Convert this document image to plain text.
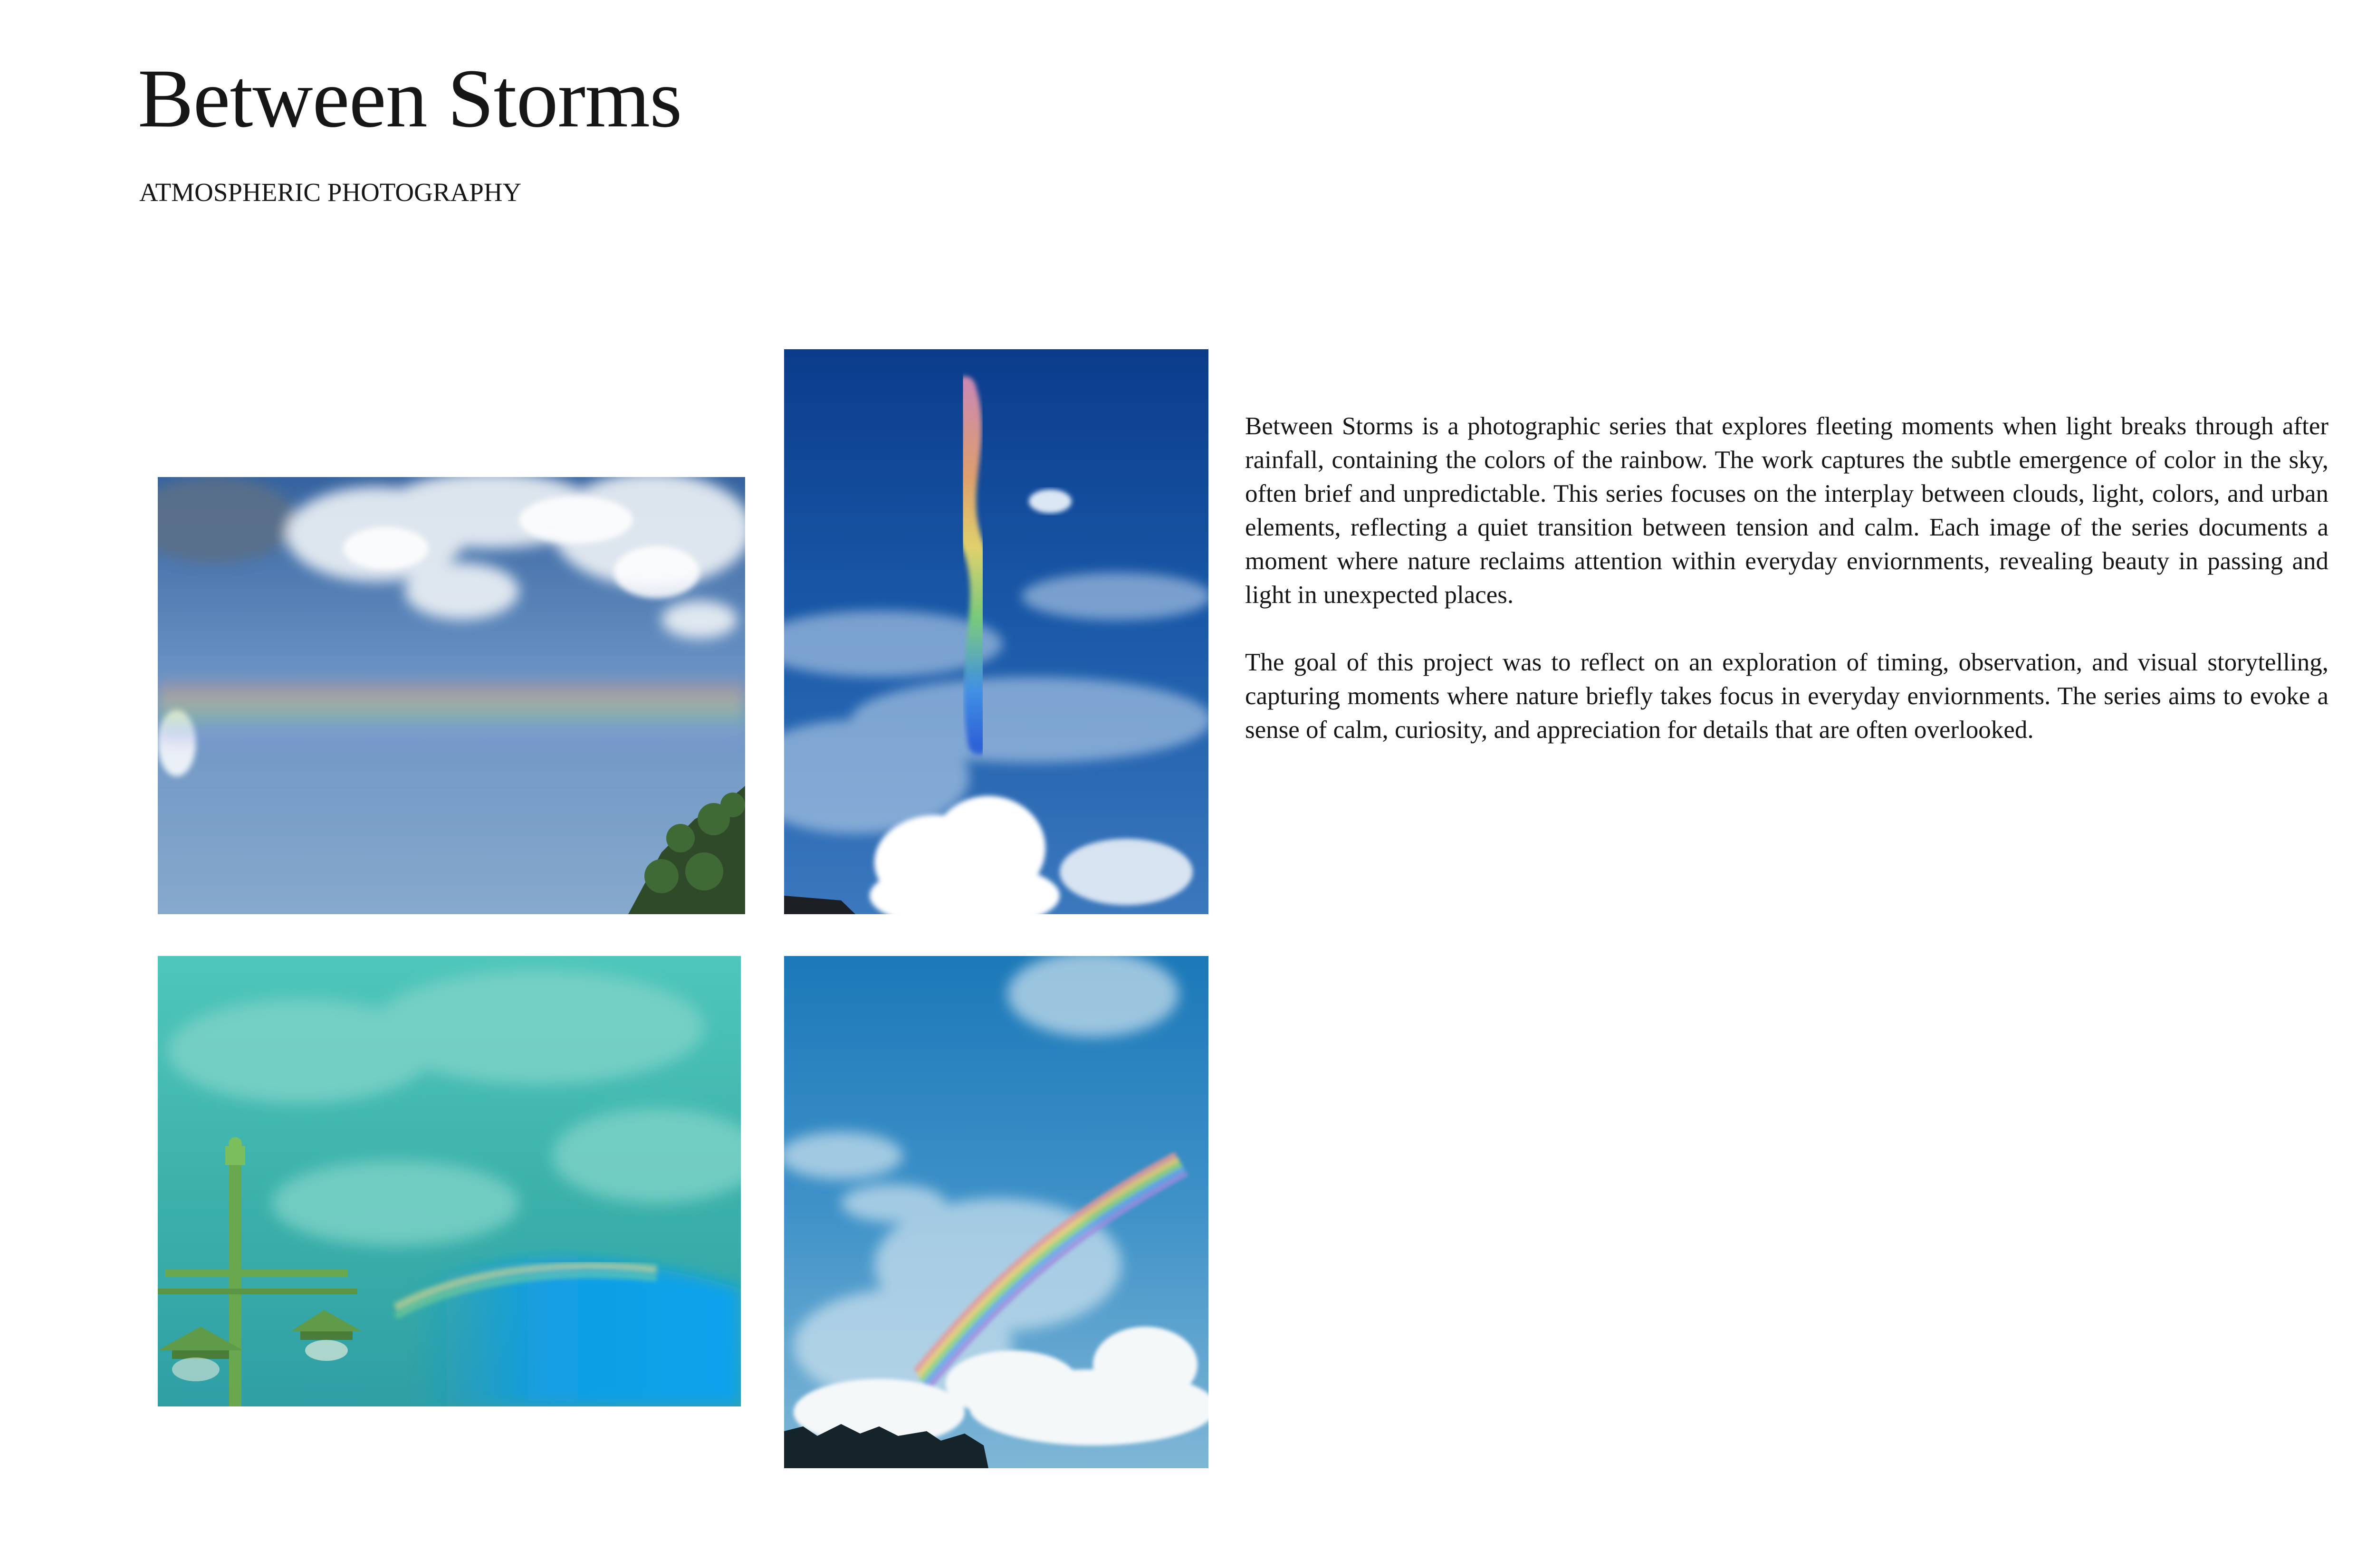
Between Storms
ATMOSPHERIC PHOTOGRAPHY

Between Storms is a photographic series that explores fleeting moments when light breaks through after rainfall, containing the colors of the rainbow. The work captures the subtle emergence of color in the sky, often brief and unpredictable. This series focuses on the interplay between clouds, light, colors, and urban elements, reflecting a quiet transition between tension and calm. Each image of the series documents a moment where nature reclaims attention within everyday enviornments, revealing beauty in passing and light in unexpected places.

The goal of this project was to reflect on an exploration of timing, observation, and visual storytelling, capturing moments where nature briefly takes focus in everyday enviornments. The series aims to evoke a sense of calm, curiosity, and appreciation for details that are often overlooked.
